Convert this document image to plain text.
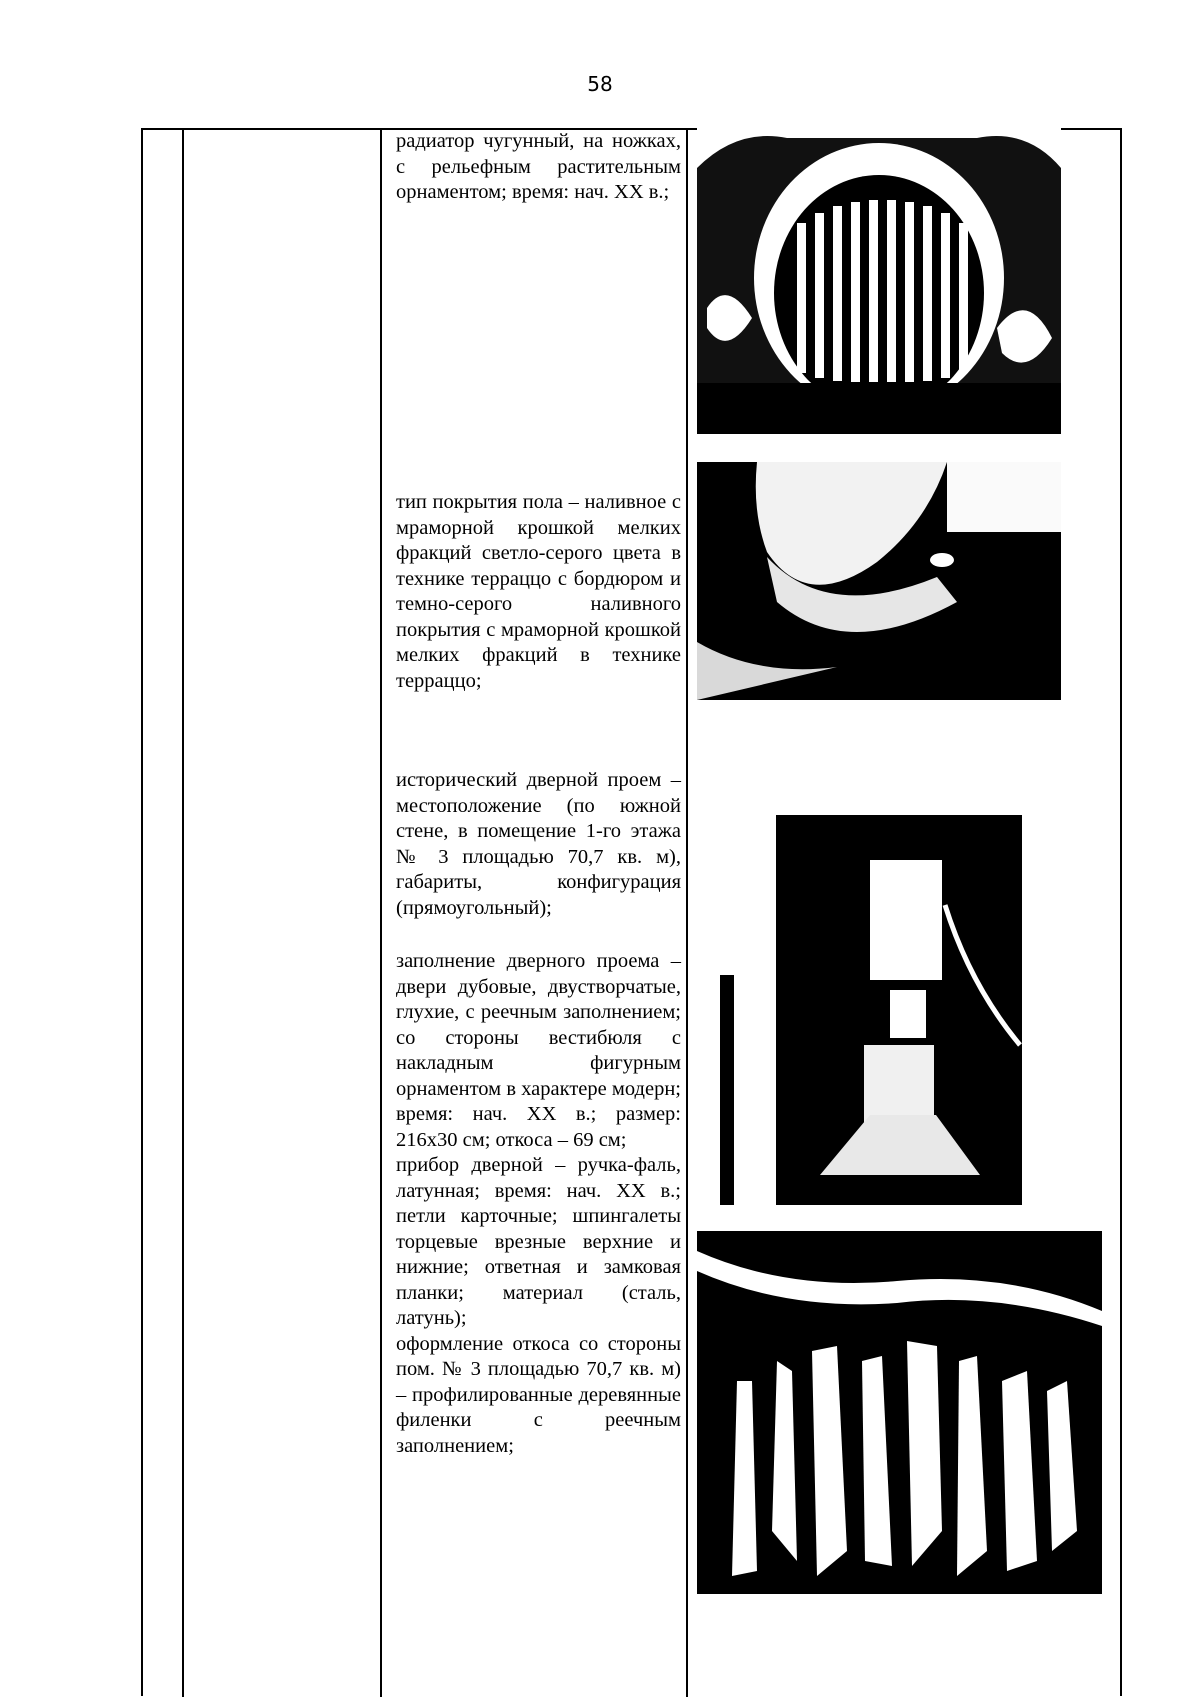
58
радиатор чугунный, на ножках, с рельефным растительным орнаментом; время: нач. XX в.;
тип покрытия пола – наливное с мраморной крошкой мелких фракций светло-серого цвета в технике терраццо с бордюром и темно-серого наливного покрытия с мраморной крошкой мелких фракций в технике терраццо;
исторический дверной проем – местоположение (по южной стене, в помещение 1-го этажа № 3 площадью 70,7 кв. м), габариты, конфигурация (прямоугольный);
заполнение дверного проема – двери дубовые, двустворчатые, глухие, с реечным заполнением; со стороны вестибюля с накладным фигурным орнаментом в характере модерн; время: нач. XX в.; размер: 216x30 см; откоса – 69 см;
прибор дверной – ручка-фаль, латунная; время: нач. XX в.; петли карточные; шпингалеты торцевые врезные верхние и нижние; ответная и замковая планки; материал (сталь, латунь);
оформление откоса со стороны пом. № 3 площадью 70,7 кв. м) – профилированные деревянные филенки с реечным заполнением;
